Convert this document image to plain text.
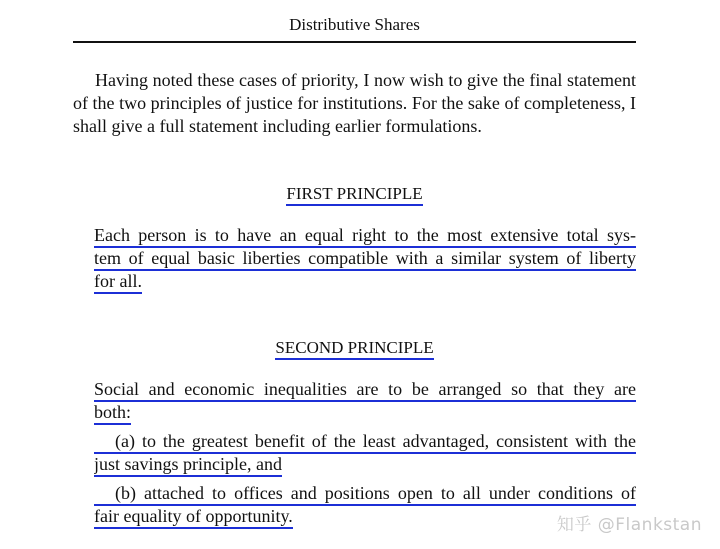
Distributive Shares

Having noted these cases of priority, I now wish to give the final statement of the two principles of justice for institutions. For the sake of completeness, I shall give a full statement including earlier formulations.

FIRST PRINCIPLE
Each person is to have an equal right to the most extensive total sys-
tem of equal basic liberties compatible with a similar system of liberty
for all.
SECOND PRINCIPLE
Social and economic inequalities are to be arranged so that they are
both:
(a) to the greatest benefit of the least advantaged, consistent with the
just savings principle, and
(b) attached to offices and positions open to all under conditions of
fair equality of opportunity.	知乎 @Flankstan
